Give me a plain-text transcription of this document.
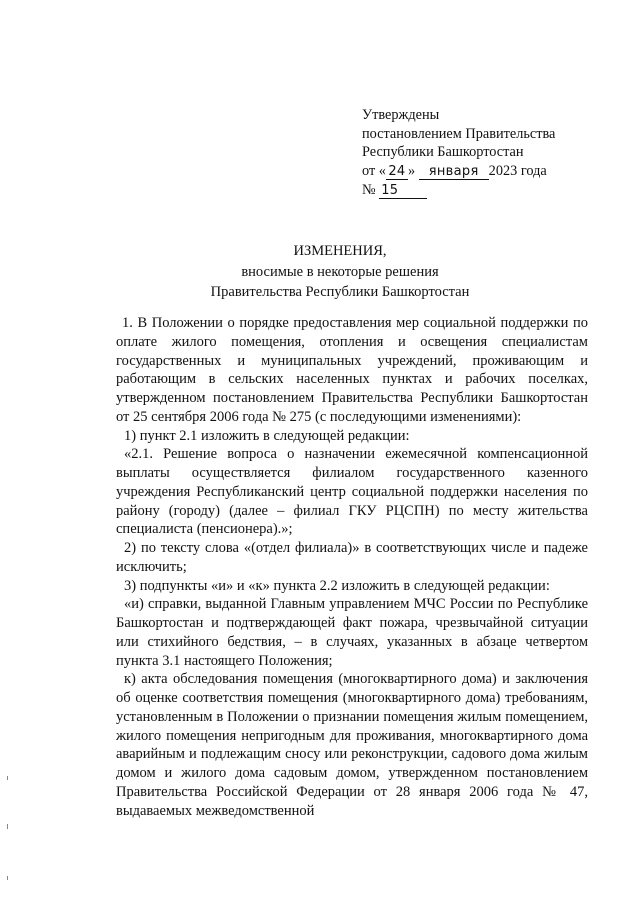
Утверждены
постановлением Правительства
Республики Башкортостан
от « 24 » января 2023 года
№ 15
ИЗМЕНЕНИЯ,
вносимые в некоторые решения
Правительства Республики Башкортостан

1. В Положении о порядке предоставления мер социальной поддержки по оплате жилого помещения, отопления и освещения специалистам государственных и муниципальных учреждений, проживающим и работающим в сельских населенных пунктах и рабочих поселках, утвержденном постановлением Правительства Республики Башкортостан от 25 сентября 2006 года № 275 (с последующими изменениями):

1) пункт 2.1 изложить в следующей редакции:

«2.1. Решение вопроса о назначении ежемесячной компенсационной выплаты осуществляется филиалом государственного казенного учреждения Республиканский центр социальной поддержки населения по району (городу) (далее – филиал ГКУ РЦСПН) по месту жительства специалиста (пенсионера).»;

2) по тексту слова «(отдел филиала)» в соответствующих числе и падеже исключить;

3) подпункты «и» и «к» пункта 2.2 изложить в следующей редакции:

«и) справки, выданной Главным управлением МЧС России по Республике Башкортостан и подтверждающей факт пожара, чрезвычайной ситуации или стихийного бедствия, – в случаях, указанных в абзаце четвертом пункта 3.1 настоящего Положения;

к) акта обследования помещения (многоквартирного дома) и заключения об оценке соответствия помещения (многоквартирного дома) требованиям, установленным в Положении о признании помещения жилым помещением, жилого помещения непригодным для проживания, многоквартирного дома аварийным и подлежащим сносу или реконструкции, садового дома жилым домом и жилого дома садовым домом, утвержденном постановлением Правительства Российской Федерации от 28 января 2006 года № 47, выдаваемых межведомственной
